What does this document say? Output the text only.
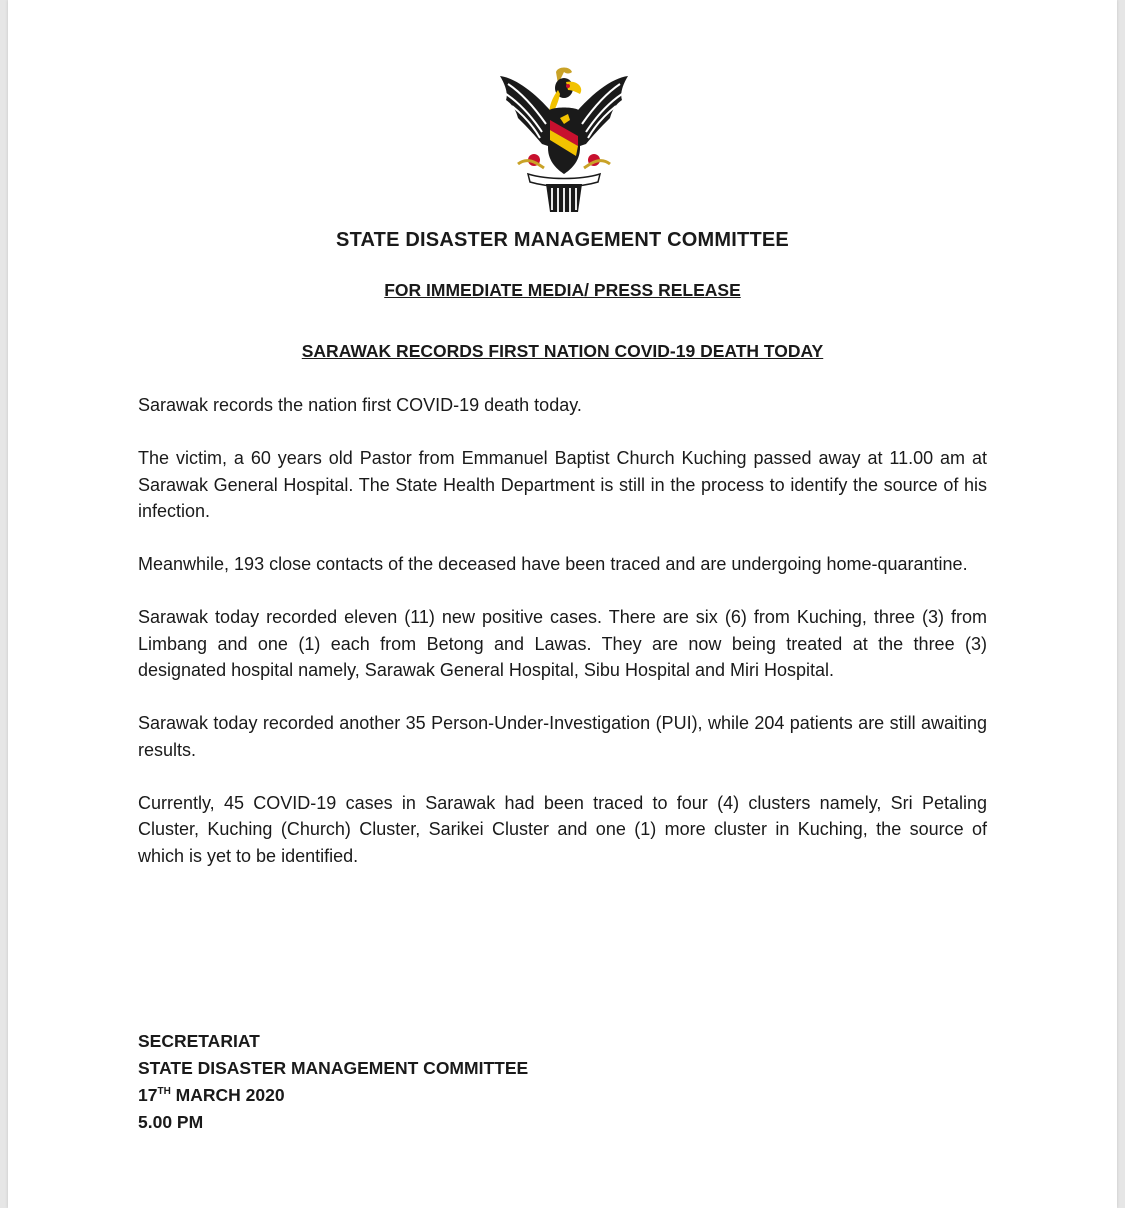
STATE DISASTER MANAGEMENT COMMITTEE
FOR IMMEDIATE MEDIA/ PRESS RELEASE
SARAWAK RECORDS FIRST NATION COVID-19 DEATH TODAY

Sarawak records the nation first COVID-19 death today.

The victim, a 60 years old Pastor from Emmanuel Baptist Church Kuching passed away at 11.00 am at Sarawak General Hospital. The State Health Department is still in the process to identify the source of his infection.

Meanwhile, 193 close contacts of the deceased have been traced and are undergoing home-quarantine.

Sarawak today recorded eleven (11) new positive cases. There are six (6) from Kuching, three (3) from Limbang and one (1) each from Betong and Lawas. They are now being treated at the three (3) designated hospital namely, Sarawak General Hospital, Sibu Hospital and Miri Hospital.

Sarawak today recorded another 35 Person-Under-Investigation (PUI), while 204 patients are still awaiting results.

Currently, 45 COVID-19 cases in Sarawak had been traced to four (4) clusters namely, Sri Petaling Cluster, Kuching (Church) Cluster, Sarikei Cluster and one (1) more cluster in Kuching, the source of which is yet to be identified.

SECRETARIAT
STATE DISASTER MANAGEMENT COMMITTEE
17TH MARCH 2020
5.00 PM
